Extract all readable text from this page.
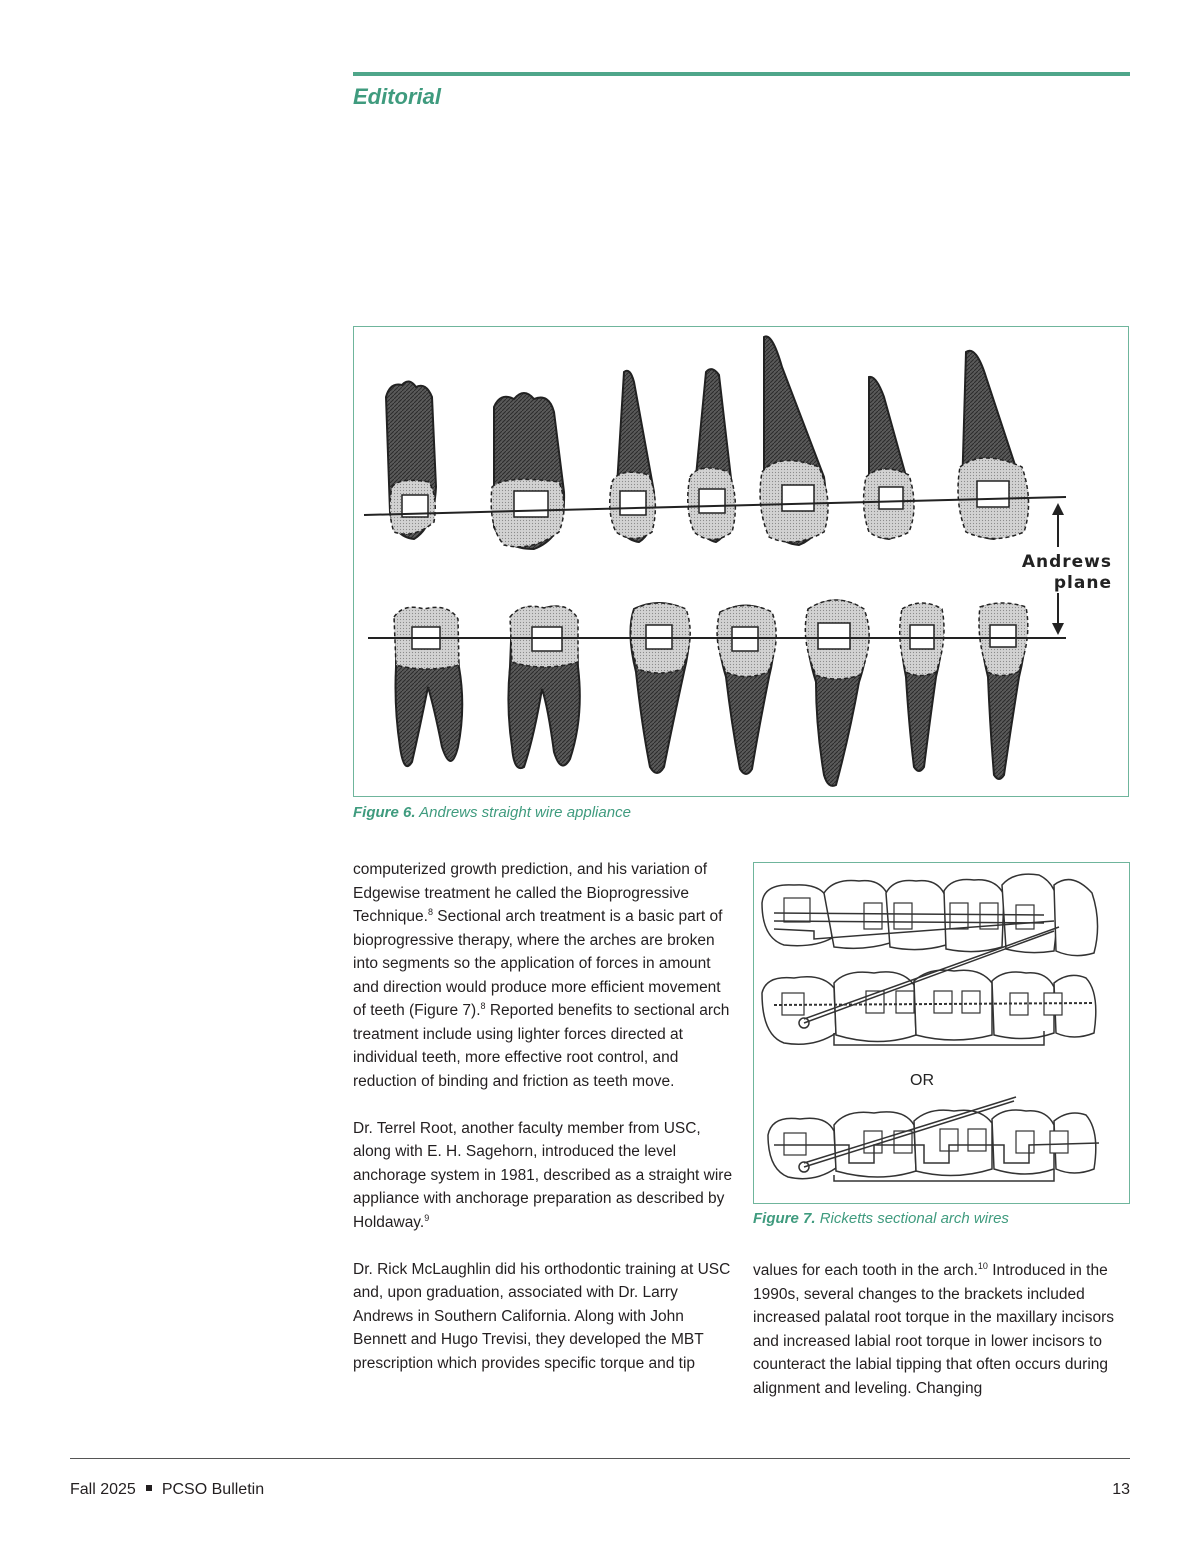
Editorial
Andrews
plane

Figure 6. Andrews straight wire appliance

computerized growth prediction, and his variation of Edgewise treatment he called the Bioprogressive Technique.$^8$ Sectional arch treatment is a basic part of bioprogressive therapy, where the arches are broken into segments so the application of forces in amount and direction would produce more efficient movement of teeth (Figure 7).$^8$ Reported benefits to sectional arch treatment include using lighter forces directed at individual teeth, more effective root control, and reduction of binding and friction as teeth move.

Dr. Terrel Root, another faculty member from USC, along with E. H. Sagehorn, introduced the level anchorage system in 1981, described as a straight wire appliance with anchorage preparation as described by Holdaway.$^9$

Dr. Rick McLaughlin did his orthodontic training at USC and, upon graduation, associated with Dr. Larry Andrews in Southern California. Along with John Bennett and Hugo Trevisi, they developed the MBT prescription which provides specific torque and tip

OR

Figure 7. Ricketts sectional arch wires

values for each tooth in the arch.$^{10}$ Introduced in the 1990s, several changes to the brackets included increased palatal root torque in the maxillary incisors and increased labial root torque in lower incisors to counteract the labial tipping that often occurs during alignment and leveling. Changing

Fall 2025 PCSO Bulletin	13
